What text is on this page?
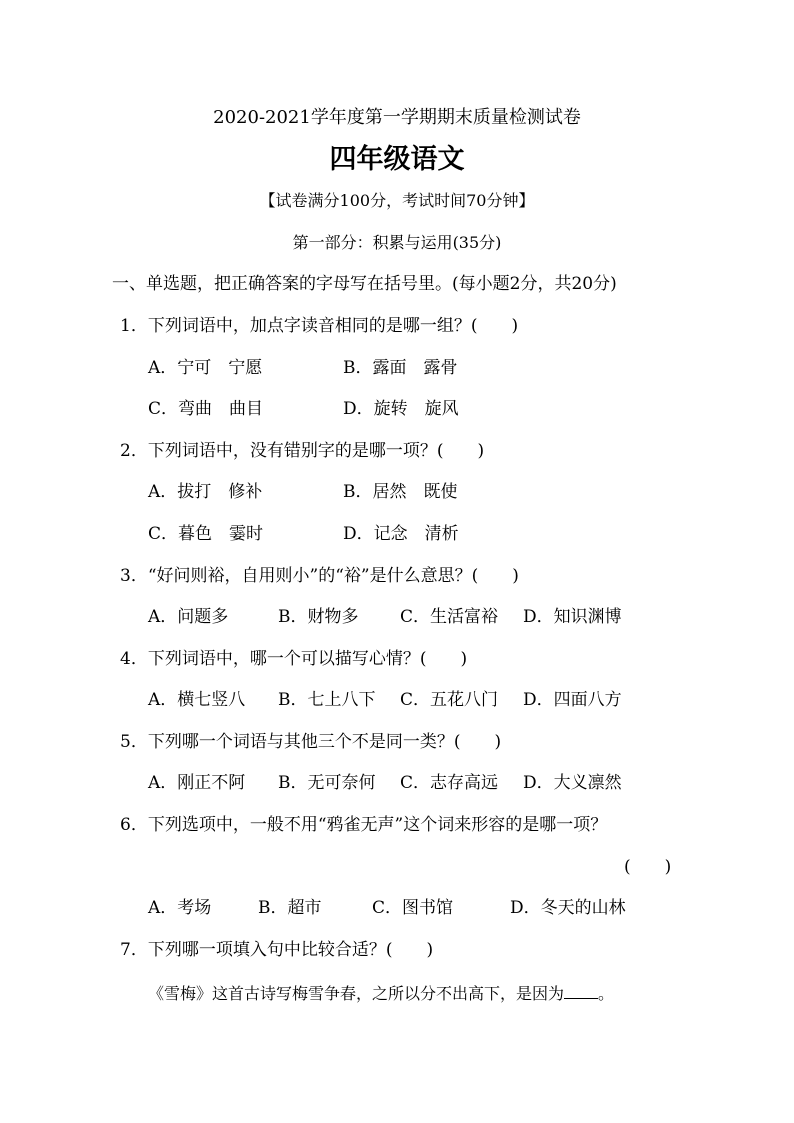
2020-2021学年度第一学期期末质量检测试卷
四年级语文
【试卷满分100分，考试时间70分钟】
第一部分：积累与运用(35分)
一、单选题，把正确答案的字母写在括号里。(每小题2分，共20分)
1．下列词语中，加点字读音相同的是哪一组？(  )
A．宁可　宁愿	B．露面　露骨
C．弯曲　曲目	D．旋转　旋风
2．下列词语中，没有错别字的是哪一项？(  )
A．拔打　修补	B．居然　既使
C．暮色　霎时	D．记念　清析
3．“好问则裕，自用则小”的“裕”是什么意思？(  )
A．问题多	B．财物多 C．生活富裕 D．知识渊博
4．下列词语中，哪一个可以描写心情？(  )
A．横七竖八 B．七上八下 C．五花八门 D．四面八方
5．下列哪一个词语与其他三个不是同一类？(  )
A．刚正不阿 B．无可奈何 C．志存高远 D．大义凛然
6．下列选项中，一般不用“鸦雀无声”这个词来形容的是哪一项？
(  )
A．考场	B．超市	C．图书馆	D．冬天的山林
7．下列哪一项填入句中比较合适？(  )
《雪梅》这首古诗写梅雪争春，之所以分不出高下，是因为 。
